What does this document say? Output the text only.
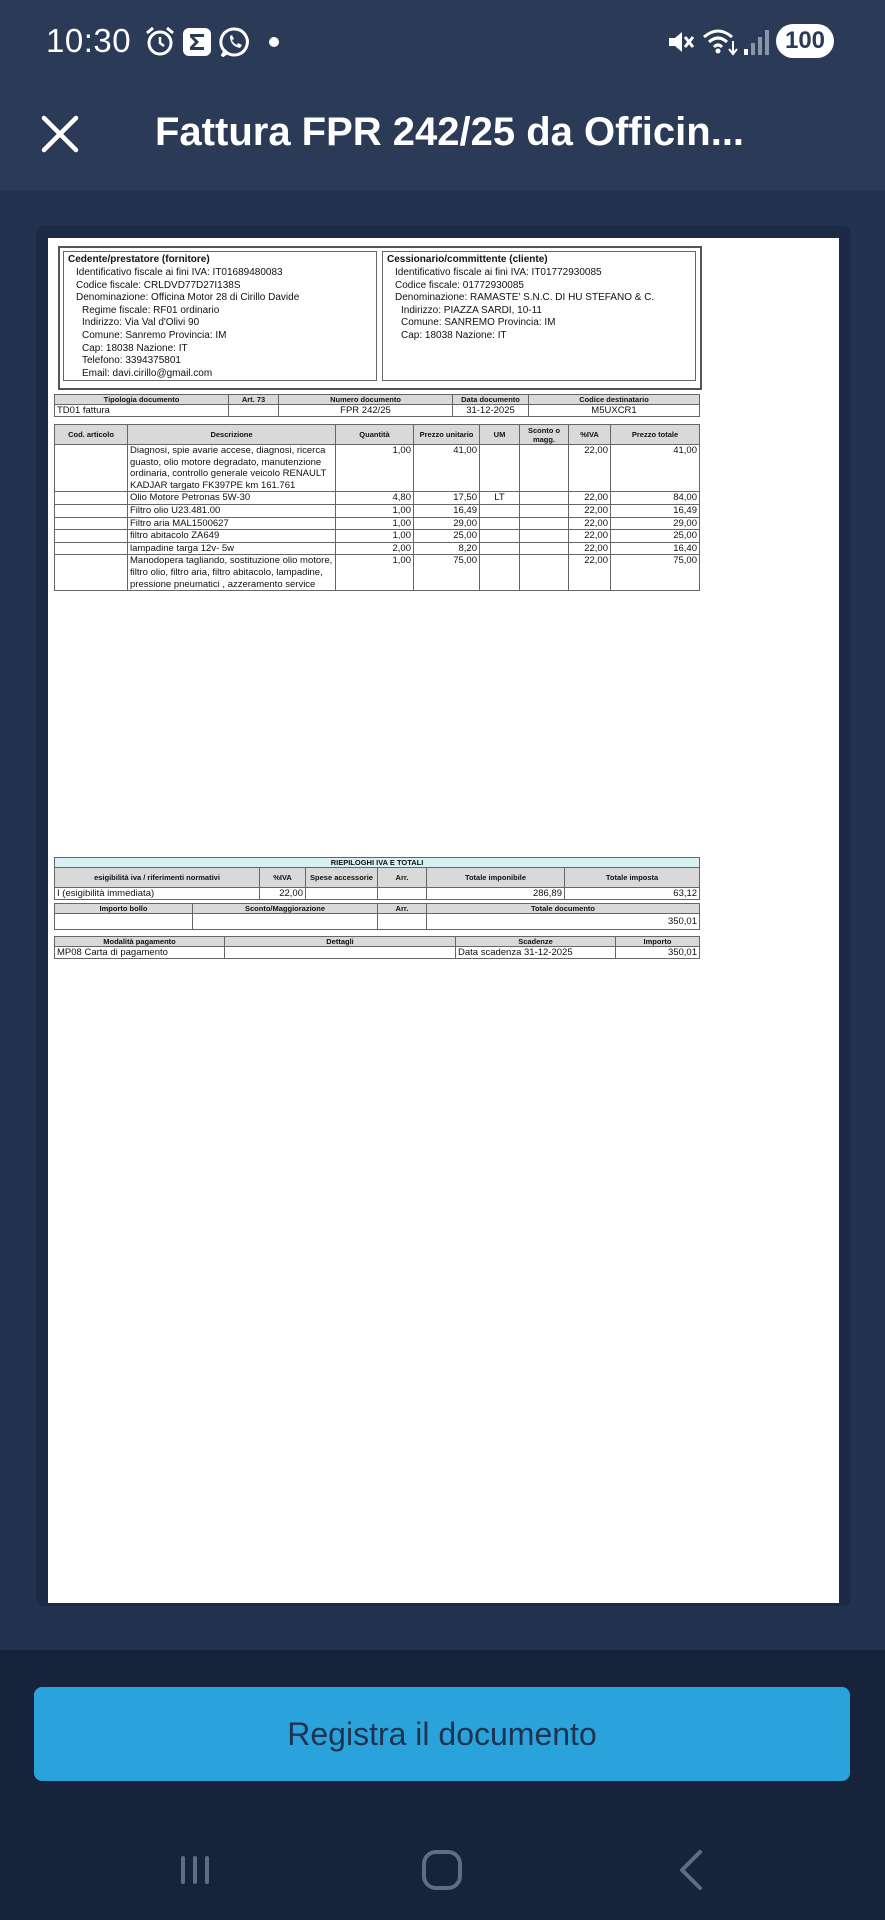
10:30	100
Fattura FPR 242/25 da Officin...
Cedente/prestatore (fornitore)
Identificativo fiscale ai fini IVA: IT01689480083
Codice fiscale: CRLDVD77D27I138S
Denominazione: Officina Motor 28 di Cirillo Davide
Regime fiscale: RF01 ordinario
Indirizzo: Via Val d'Olivi 90
Comune: Sanremo Provincia: IM
Cap: 18038 Nazione: IT
Telefono: 3394375801
Email: davi.cirillo@gmail.com
Cessionario/committente (cliente)
Identificativo fiscale ai fini IVA: IT01772930085
Codice fiscale: 01772930085
Denominazione: RAMASTE' S.N.C. DI HU STEFANO & C.
Indirizzo: PIAZZA SARDI, 10-11
Comune: SANREMO Provincia: IM
Cap: 18038 Nazione: IT
Tipologia documento	Art. 73	Numero documento	Data documento	Codice destinatario
TD01 fattura		FPR 242/25	31-12-2025	M5UXCR1
Cod. articolo	Descrizione	Quantità	Prezzo unitario	UM	Sconto o magg.	%IVA	Prezzo totale
	Diagnosi, spie avarie accese, diagnosi, ricerca guasto, olio motore degradato, manutenzione ordinaria, controllo generale veicolo RENAULT KADJAR targato FK397PE km 161.761	1,00	41,00			22,00	41,00
	Olio Motore Petronas 5W-30	4,80	17,50	LT		22,00	84,00
	Filtro olio U23.481.00	1,00	16,49			22,00	16,49
	Filtro aria MAL1500627	1,00	29,00			22,00	29,00
	filtro abitacolo ZA649	1,00	25,00			22,00	25,00
	lampadine targa 12v- 5w	2,00	8,20			22,00	16,40
	Manodopera tagliando, sostituzione olio motore, filtro olio, filtro aria, filtro abitacolo, lampadine, pressione pneumatici , azzeramento service	1,00	75,00			22,00	75,00
RIEPILOGHI IVA E TOTALI					
esigibilità iva / riferimenti normativi	%IVA	Spese accessorie	Arr.	Totale imponibile	Totale imposta
I (esigibilità immediata)	22,00			286,89	63,12
Importo bollo	Sconto/Maggiorazione	Arr.	Totale documento
			350,01
Modalità pagamento	Dettagli	Scadenze	Importo
MP08 Carta di pagamento		Data scadenza 31-12-2025	350,01
Registra il documento
